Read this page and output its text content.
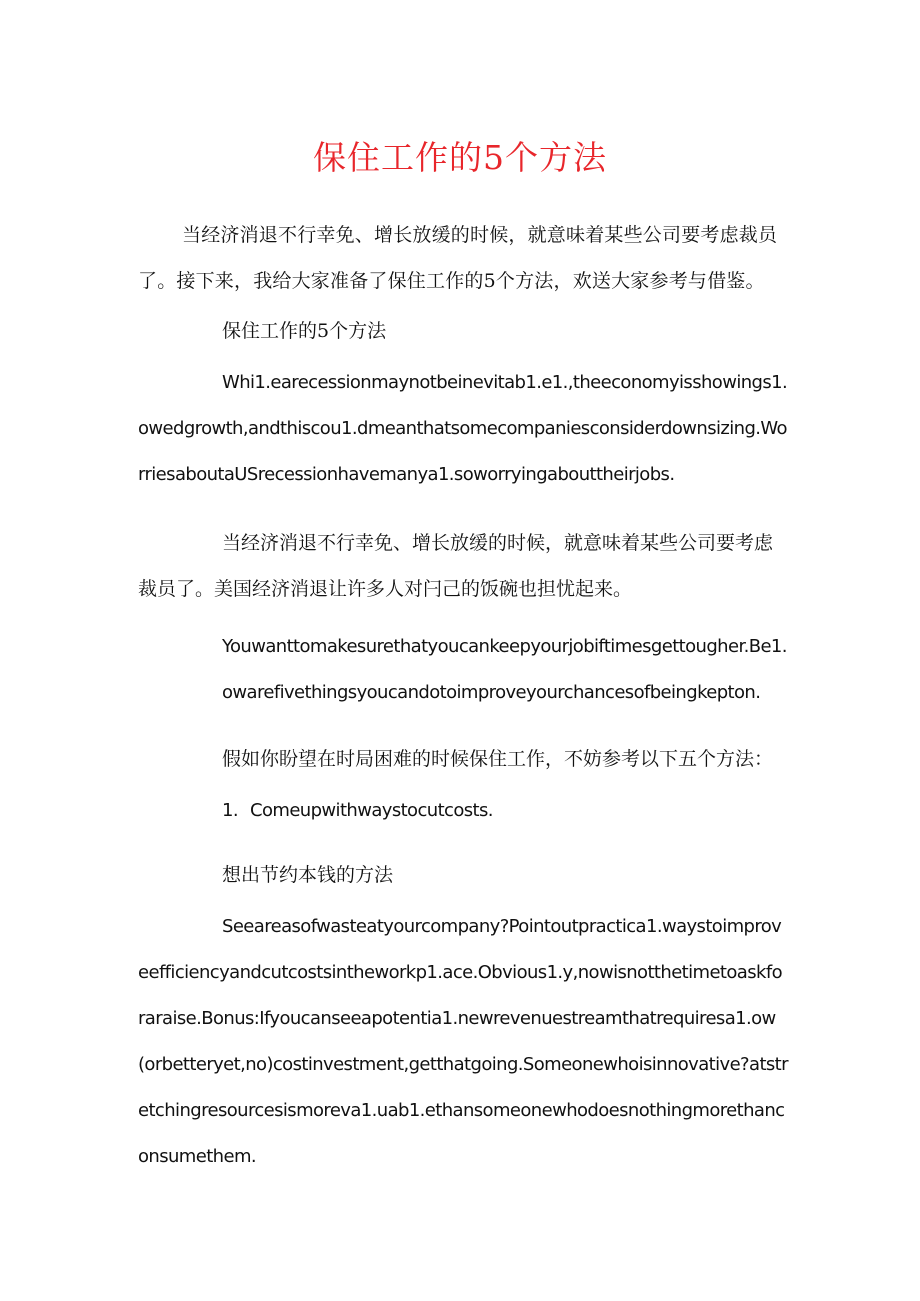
保住工作的5个方法

当经济消退不行幸免、增长放缓的时候，就意味着某些公司要考虑裁员了。接下来，我给大家准备了保住工作的5个方法，欢送大家参考与借鉴。

保住工作的5个方法

Whi1.earecessionmaynotbeinevitab1.e1.,theeconomyisshowings1.owedgrowth,andthiscou1.dmeanthatsomecompaniesconsiderdownsizing.WorriesaboutaUSrecessionhavemanya1.soworryingabouttheirjobs.

当经济消退不行幸免、增长放缓的时候，就意味着某些公司要考虑裁员了。美国经济消退让许多人对闩己的饭碗也担忧起来。

Youwanttomakesurethatyoucankeepyourjobiftimesgettougher.Be1.owarefivethingsyoucandotoimproveyourchancesofbeingkepton.

假如你盼望在时局困难的时候保住工作，不妨参考以下五个方法：

1. Comeupwithwaystocutcosts.

想出节约本钱的方法

Seeareasofwasteatyourcompany?Pointoutpractica1.waystoimproveefficiencyandcutcostsintheworkp1.ace.Obvious1.y,nowisnotthetimetoaskforaraise.Bonus:Ifyoucanseeapotentia1.newrevenuestreamthatrequiresa1.ow(orbetteryet,no)costinvestment,getthatgoing.Someonewhoisinnovative?atstretchingresourcesismoreva1.uab1.ethansomeonewhodoesnothingmorethanconsumethem.
